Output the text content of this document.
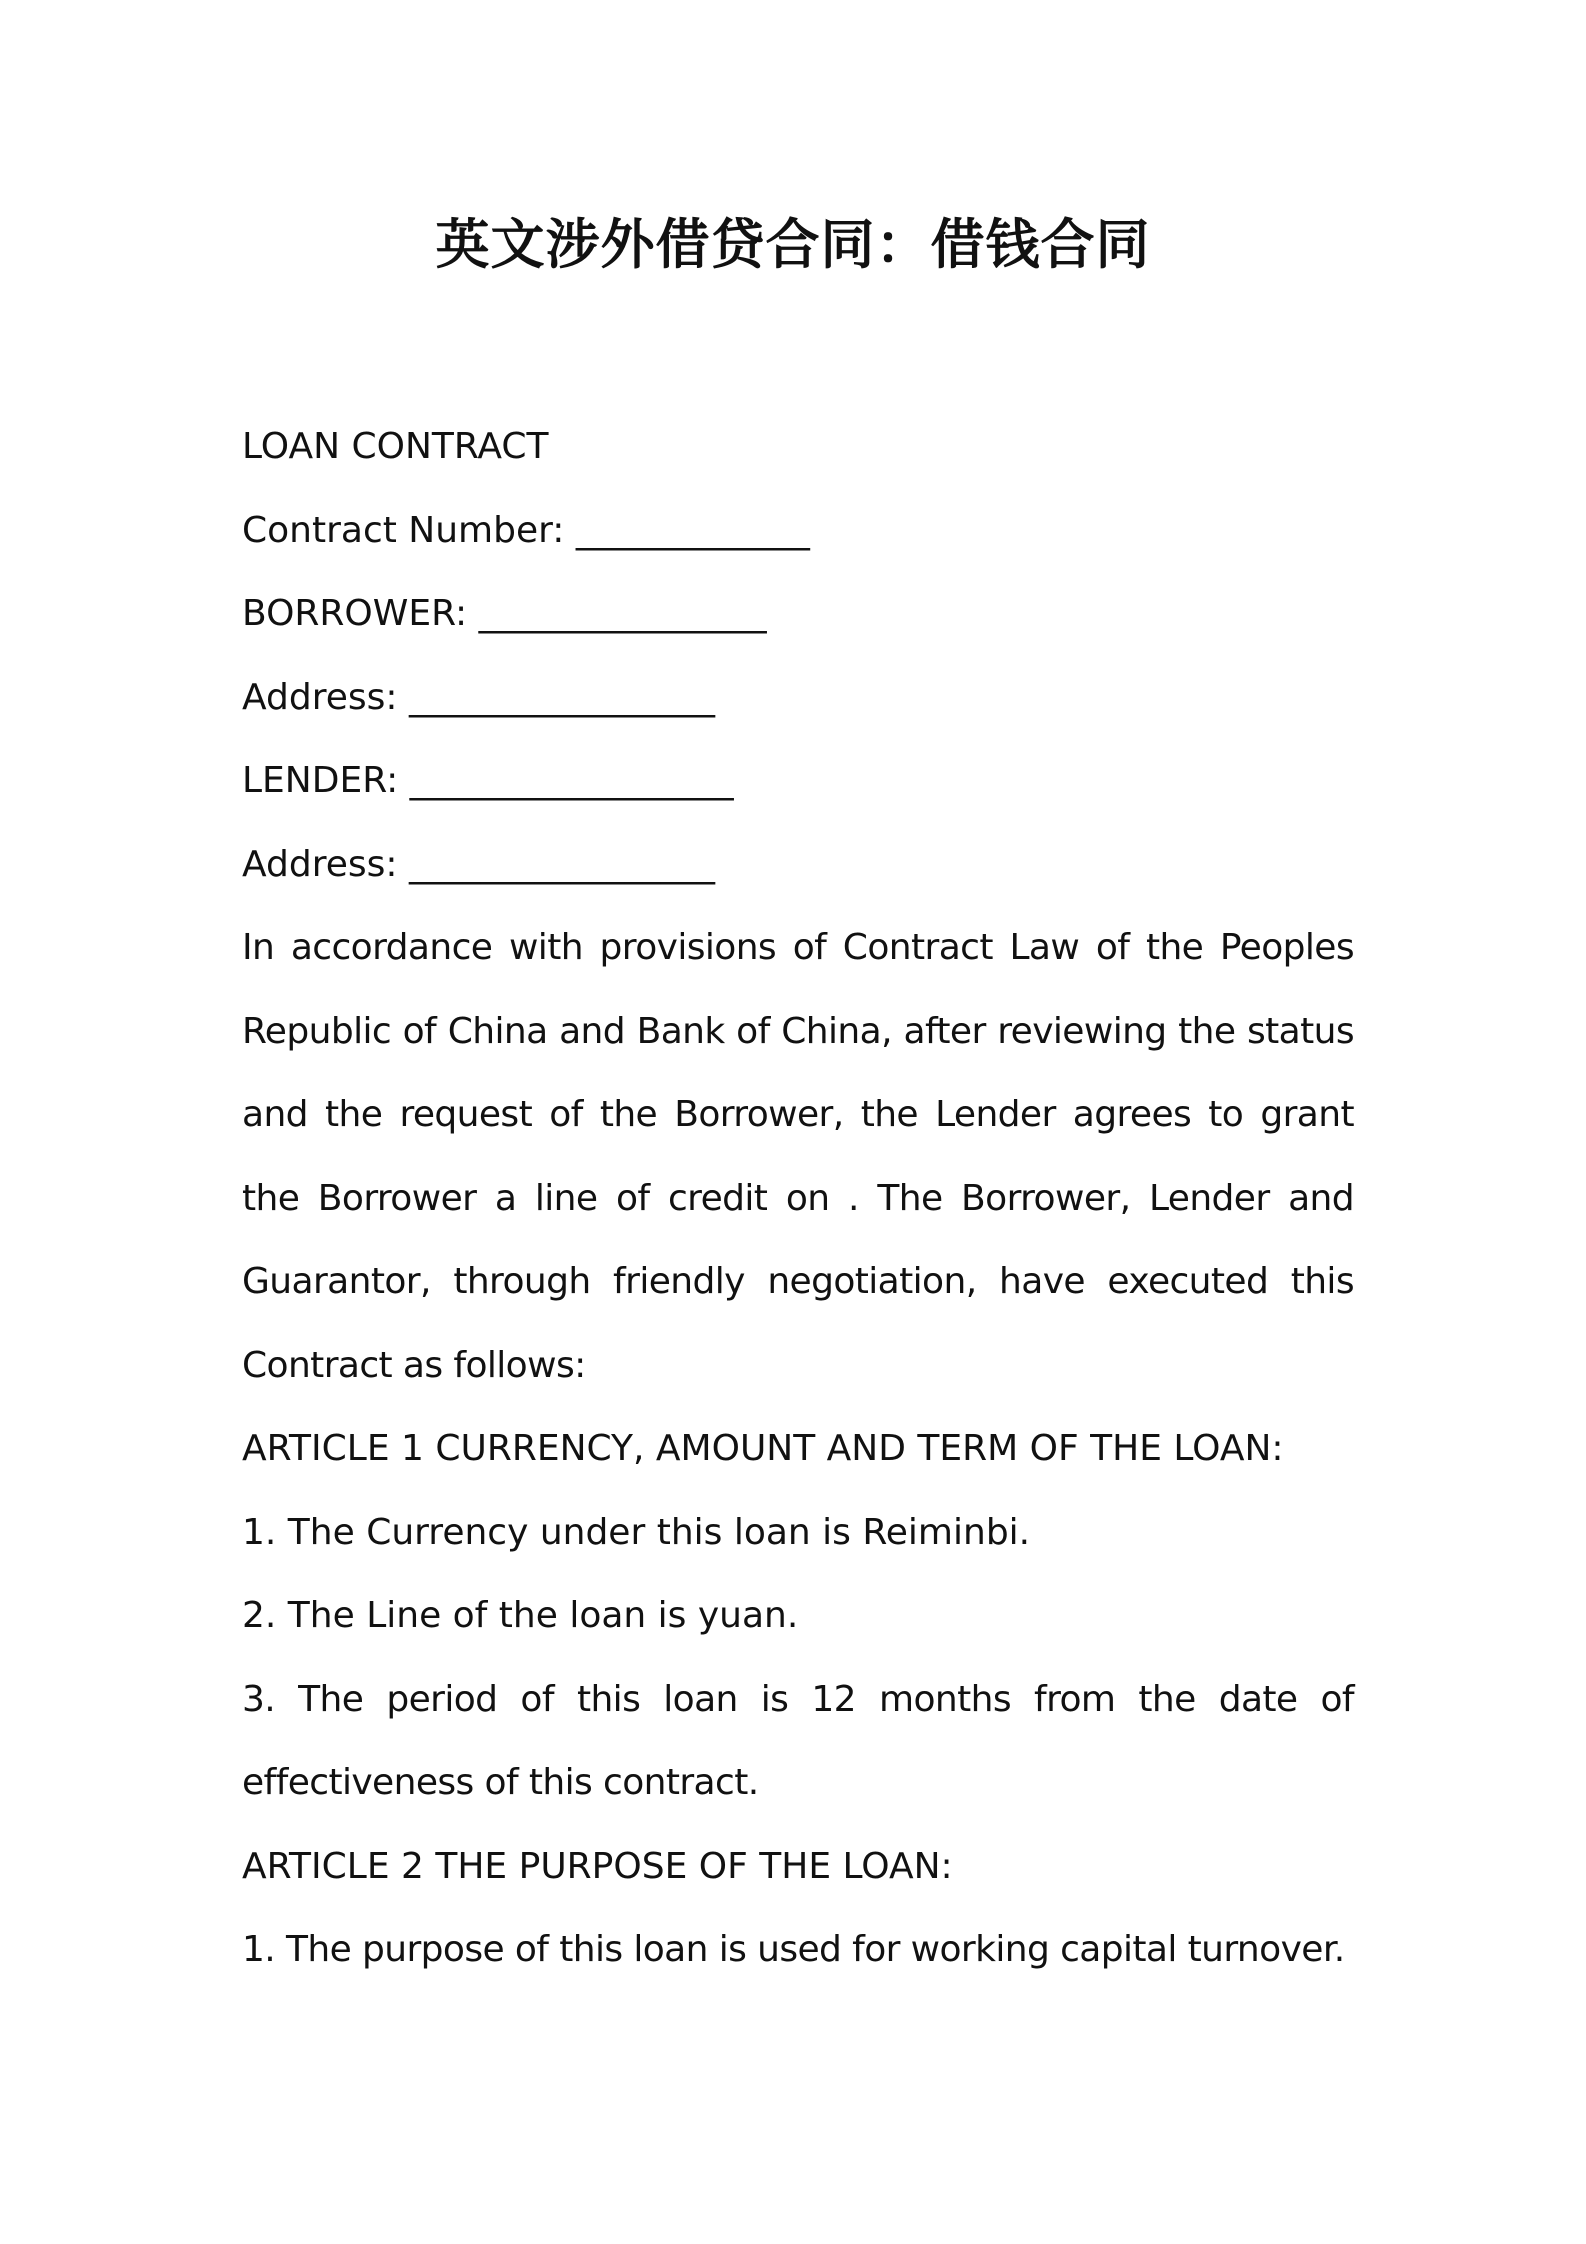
英文涉外借贷合同：借钱合同
LOAN CONTRACT
Contract Number: _____________
BORROWER: ________________
Address: _________________
LENDER: __________________
Address: _________________

In accordance with provisions of Contract Law of the Peoples Republic of China and Bank of China, after reviewing the status and the request of the Borrower, the Lender agrees to grant the Borrower a line of credit on . The Borrower, Lender and Guarantor, through friendly negotiation, have executed this Contract as follows:

ARTICLE 1 CURRENCY, AMOUNT AND TERM OF THE LOAN:
1. The Currency under this loan is Reiminbi.
2. The Line of the loan is yuan.

3. The period of this loan is 12 months from the date of effectiveness of this contract.

ARTICLE 2 THE PURPOSE OF THE LOAN:
1. The purpose of this loan is used for working capital turnover.
